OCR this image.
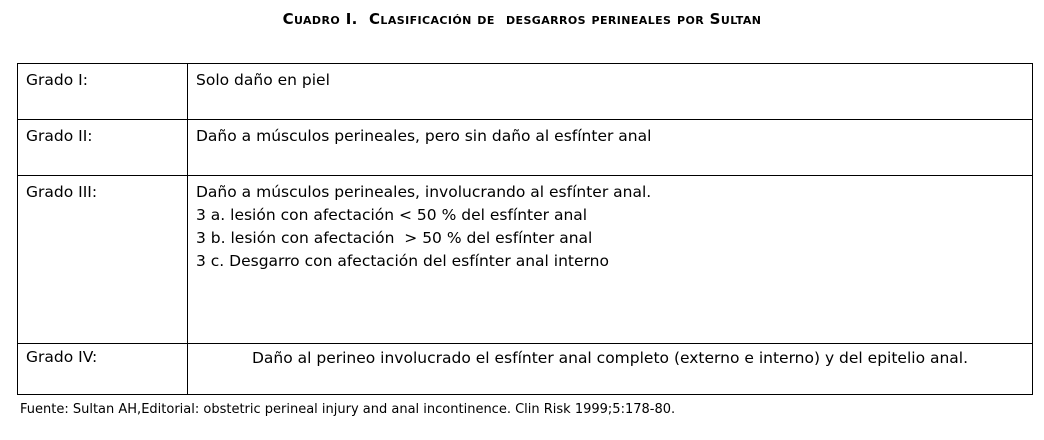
Cuadro I.  Clasificación de  desgarros perineales por Sultan
Grado I:	Solo daño en piel

Grado II:	Daño a músculos perineales, pero sin daño al esfínter anal

Grado III:	Daño a músculos perineales, involucrando al esfínter anal.
3 a. lesión con afectación < 50 % del esfínter anal
3 b. lesión con afectación  > 50 % del esfínter anal
3 c. Desgarro con afectación del esfínter anal interno

Grado IV:	Daño al perineo involucrado el esfínter anal completo (externo e interno) y del epitelio anal.
Fuente: Sultan AH,Editorial: obstetric perineal injury and anal incontinence. Clin Risk 1999;5:178-80.
